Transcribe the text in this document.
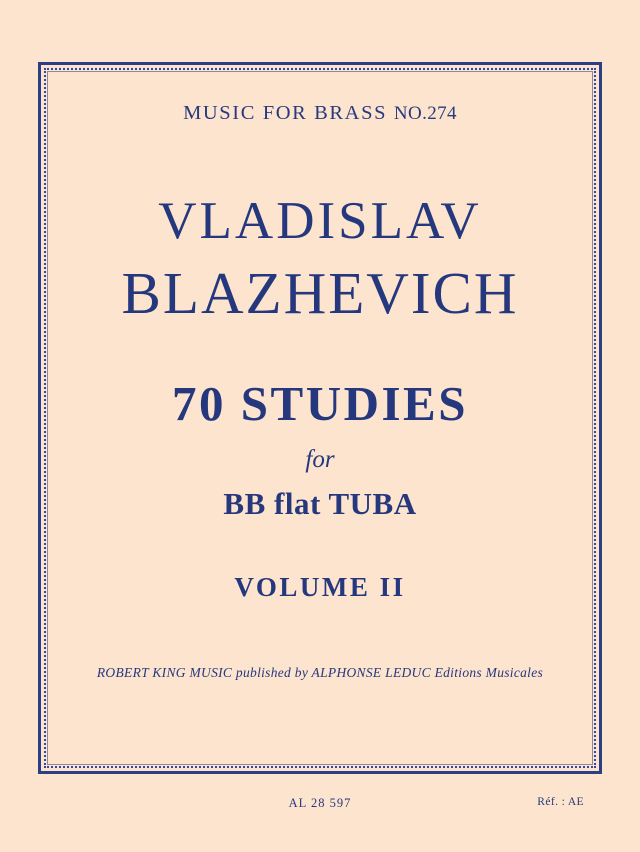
MUSIC FOR BRASS NO.274
VLADISLAV
BLAZHEVICH
70 STUDIES
for
BB flat TUBA
VOLUME II
ROBERT KING MUSIC published by ALPHONSE LEDUC Editions Musicales
AL 28 597	Réf. : AE
